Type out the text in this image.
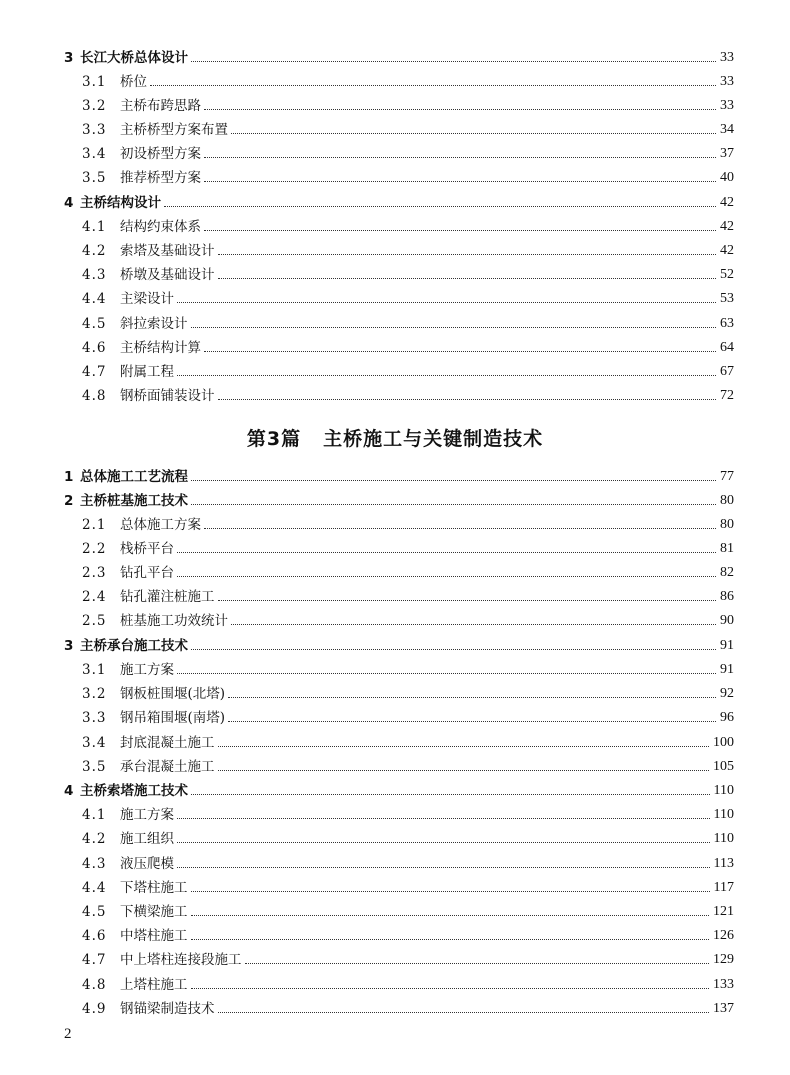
3 长江大桥总体设计	33
3.1	桥位	33
3.2	主桥布跨思路	33
3.3	主桥桥型方案布置	34
3.4	初设桥型方案	37
3.5	推荐桥型方案	40
4 主桥结构设计	42
4.1	结构约束体系	42
4.2	索塔及基础设计	42
4.3	桥墩及基础设计	52
4.4	主梁设计	53
4.5	斜拉索设计	63
4.6	主桥结构计算	64
4.7	附属工程	67
4.8	钢桥面铺装设计	72
第3篇 主桥施工与关键制造技术
1 总体施工工艺流程	77
2 主桥桩基施工技术	80
2.1	总体施工方案	80
2.2	栈桥平台	81
2.3	钻孔平台	82
2.4	钻孔灌注桩施工	86
2.5	桩基施工功效统计	90
3 主桥承台施工技术	91
3.1	施工方案	91
3.2	钢板桩围堰(北塔)	92
3.3	钢吊箱围堰(南塔)	96
3.4	封底混凝土施工	100
3.5	承台混凝土施工	105
4 主桥索塔施工技术	110
4.1	施工方案	110
4.2	施工组织	110
4.3	液压爬模	113
4.4	下塔柱施工	117
4.5	下横梁施工	121
4.6	中塔柱施工	126
4.7	中上塔柱连接段施工	129
4.8	上塔柱施工	133
4.9	钢锚梁制造技术	137
2
